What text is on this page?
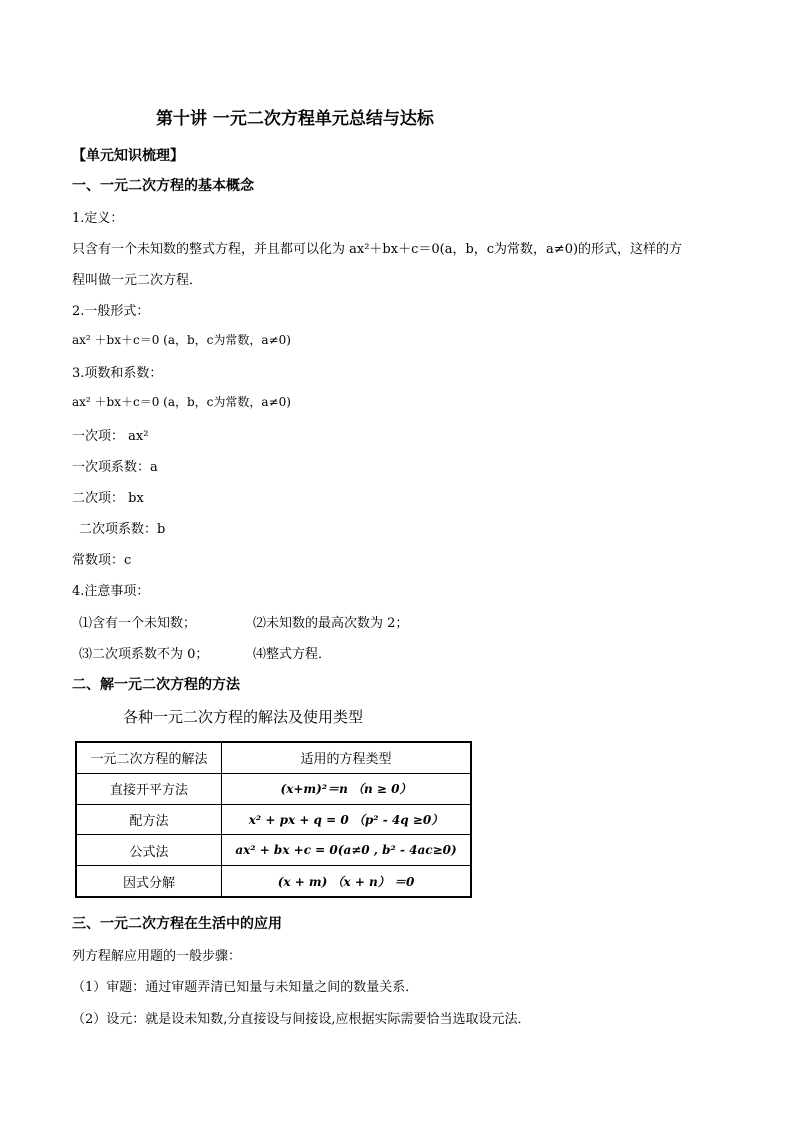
第十讲 一元二次方程单元总结与达标
【单元知识梳理】
一、一元二次方程的基本概念
1.定义：
只含有一个未知数的整式方程，并且都可以化为 ax²＋bx＋c＝0(a，b，c为常数，a≠0)的形式，这样的方
程叫做一元二次方程．
2.一般形式：
ax² ＋bx＋c＝0 (a，b，c为常数，a≠0)
3.项数和系数：
ax² ＋bx＋c＝0 (a，b，c为常数，a≠0)
一次项： ax²
一次项系数：a
二次项： bx
二次项系数：b
常数项：c
4.注意事项：
⑴含有一个未知数；	⑵未知数的最高次数为 2；
⑶二次项系数不为 0；	⑷整式方程．
二、解一元二次方程的方法
各种一元二次方程的解法及使用类型
一元二次方程的解法	适用的方程类型
直接开平方法	(x+m)²＝n （n ≥ 0）
配方法	x² + px + q = 0 （p² - 4q ≥0）
公式法	ax² + bx +c = 0(a≠0 , b² - 4ac≥0)
因式分解	(x + m) （x + n） ＝0
三、一元二次方程在生活中的应用
列方程解应用题的一般步骤：
（1）审题：通过审题弄清已知量与未知量之间的数量关系．
（2）设元：就是设未知数,分直接设与间接设,应根据实际需要恰当选取设元法．
